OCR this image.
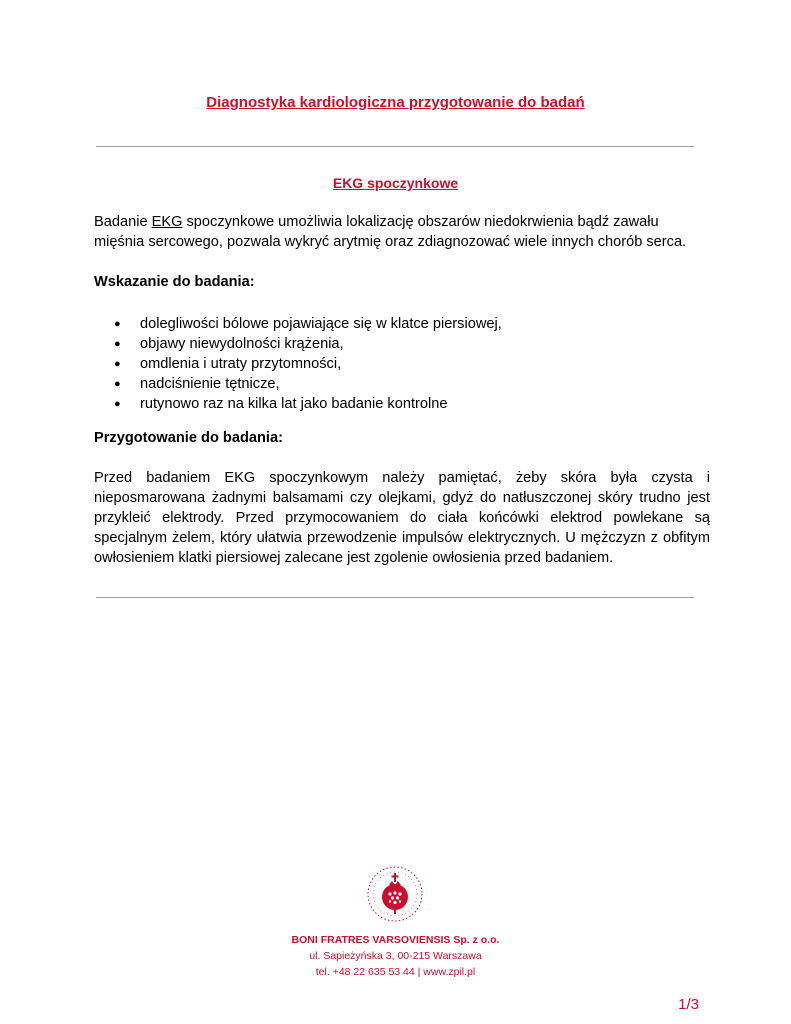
Diagnostyka kardiologiczna przygotowanie do badań
EKG spoczynkowe
Badanie EKG spoczynkowe umożliwia lokalizację obszarów niedokrwienia bądź zawału mięśnia sercowego, pozwala wykryć arytmię oraz zdiagnozować wiele innych chorób serca.
Wskazanie do badania:
● dolegliwości bólowe pojawiające się w klatce piersiowej,
● objawy niewydolności krążenia,
● omdlenia i utraty przytomności,
● nadciśnienie tętnicze,
● rutynowo raz na kilka lat jako badanie kontrolne
Przygotowanie do badania:
Przed badaniem EKG spoczynkowym należy pamiętać, żeby skóra była czysta i nieposmarowana żadnymi balsamami czy olejkami, gdyż do natłuszczonej skóry trudno jest przykleić elektrody. Przed przymocowaniem do ciała końcówki elektrod powlekane są specjalnym żelem, który ułatwia przewodzenie impulsów elektrycznych. U mężczyzn z obfitym owłosieniem klatki piersiowej zalecane jest zgolenie owłosienia przed badaniem.
BONI FRATRES VARSOVIENSIS Sp. z o.o.
ul. Sapieżyńska 3, 00-215 Warszawa
tel. +48 22 635 53 44 | www.zpil.pl
1/3
